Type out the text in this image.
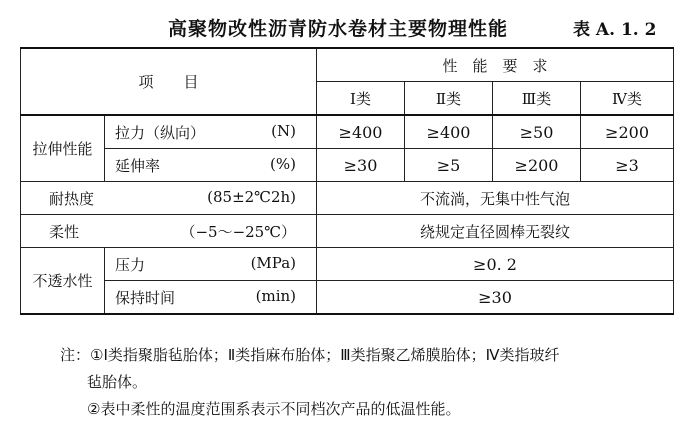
高聚物改性沥青防水卷材主要物理性能	表 A. 1. 2
项　　目		性　能　要　求			
		Ⅰ类	Ⅱ类	Ⅲ类	Ⅳ类
拉伸性能	拉力（纵向） (N)	≥400	≥400	≥50	≥200

	延伸率 (%)	≥30	≥5	≥200	≥3

耐热度 (85±2℃2h)		不流淌，无集中性气泡			

柔性 （−5～−25℃）		绕规定直径圆棒无裂纹			
不透水性	压力 (MPa)	≥0. 2			

	保持时间 (min)	≥30			
注：①Ⅰ类指聚脂毡胎体；Ⅱ类指麻布胎体；Ⅲ类指聚乙烯膜胎体；Ⅳ类指玻纤
毡胎体。
②表中柔性的温度范围系表示不同档次产品的低温性能。
